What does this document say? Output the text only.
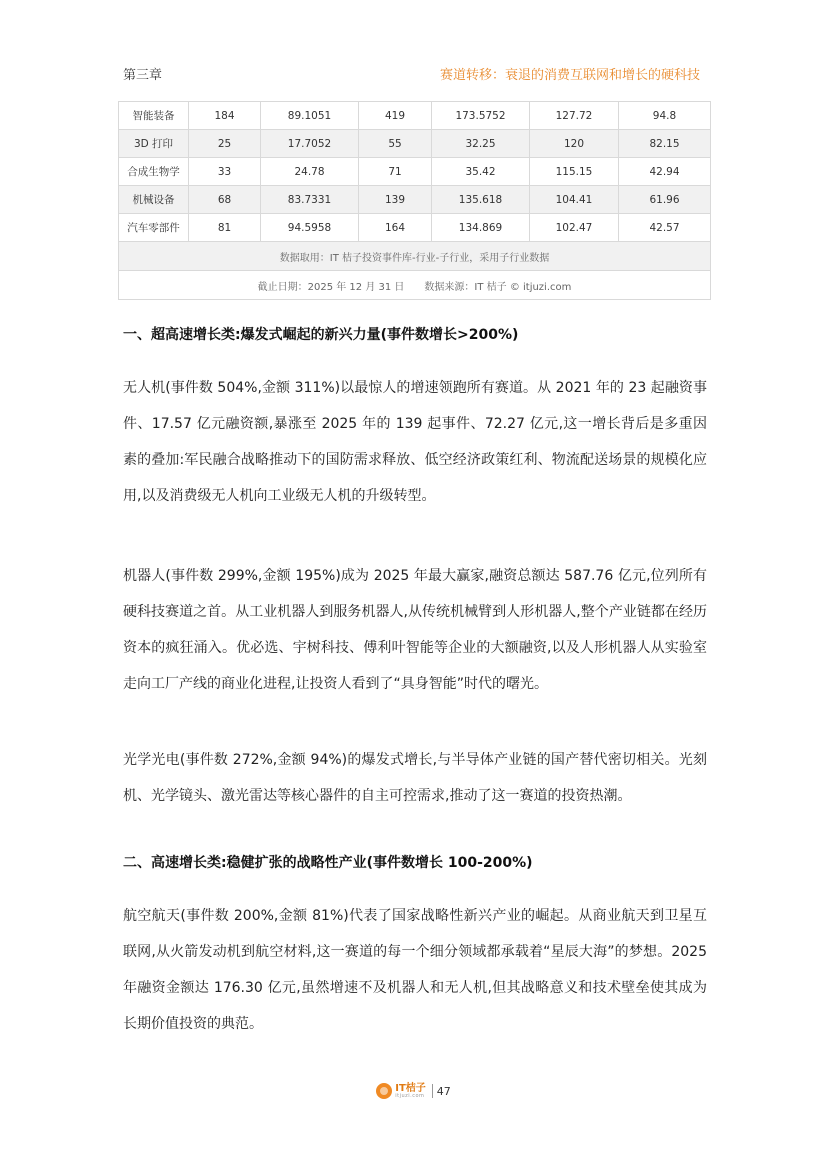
第三章	赛道转移：衰退的消费互联网和增长的硬科技
智能装备	184	89.1051	419	173.5752	127.72	94.8
3D 打印	25	17.7052	55	32.25	120	82.15
合成生物学	33	24.78	71	35.42	115.15	42.94
机械设备	68	83.7331	139	135.618	104.41	61.96
汽车零部件	81	94.5958	164	134.869	102.47	42.57
数据取用：IT 桔子投资事件库-行业-子行业，采用子行业数据						
截止日期：2025 年 12 月 31 日　　数据来源：IT 桔子 © itjuzi.com						
一、超高速增长类:爆发式崛起的新兴力量(事件数增长>200%)

无人机(事件数 504%,金额 311%)以最惊人的增速领跑所有赛道。从 2021 年的 23 起融资事件、17.57 亿元融资额,暴涨至 2025 年的 139 起事件、72.27 亿元,这一增长背后是多重因素的叠加:军民融合战略推动下的国防需求释放、低空经济政策红利、物流配送场景的规模化应用,以及消费级无人机向工业级无人机的升级转型。

机器人(事件数 299%,金额 195%)成为 2025 年最大赢家,融资总额达 587.76 亿元,位列所有硬科技赛道之首。从工业机器人到服务机器人,从传统机械臂到人形机器人,整个产业链都在经历资本的疯狂涌入。优必选、宇树科技、傅利叶智能等企业的大额融资,以及人形机器人从实验室走向工厂产线的商业化进程,让投资人看到了“具身智能”时代的曙光。

光学光电(事件数 272%,金额 94%)的爆发式增长,与半导体产业链的国产替代密切相关。光刻机、光学镜头、激光雷达等核心器件的自主可控需求,推动了这一赛道的投资热潮。

二、高速增长类:稳健扩张的战略性产业(事件数增长 100-200%)

航空航天(事件数 200%,金额 81%)代表了国家战略性新兴产业的崛起。从商业航天到卫星互联网,从火箭发动机到航空材料,这一赛道的每一个细分领域都承载着“星辰大海”的梦想。2025 年融资金额达 176.30 亿元,虽然增速不及机器人和无人机,但其战略意义和技术壁垒使其成为长期价值投资的典范。

IT桔子
itjuzi.com 47
